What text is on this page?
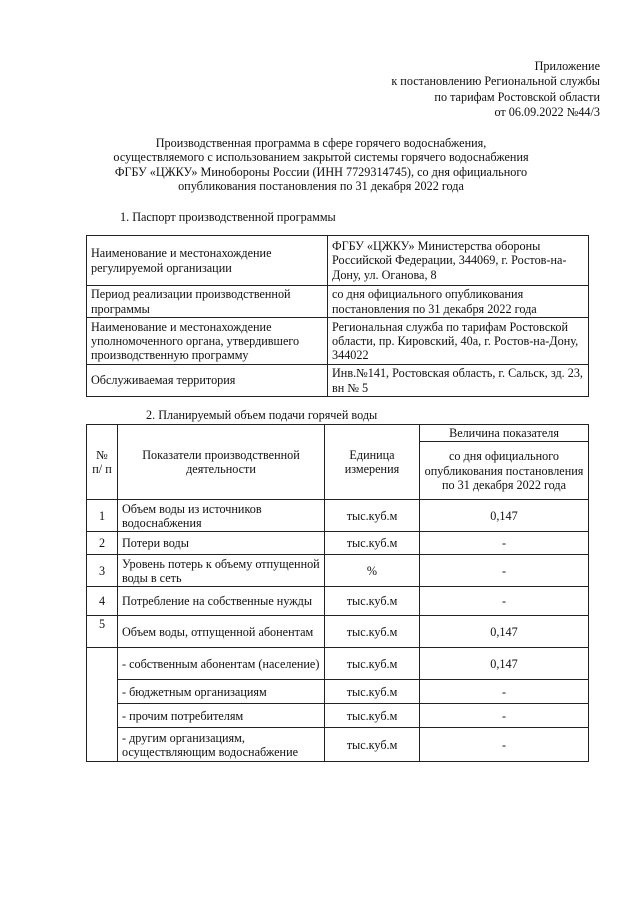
Приложение
к постановлению Региональной службы
по тарифам Ростовской области
от 06.09.2022 №44/3
Производственная программа в сфере горячего водоснабжения,
осуществляемого с использованием закрытой системы горячего водоснабжения
ФГБУ «ЦЖКУ» Минобороны России (ИНН 7729314745), со дня официального
опубликования постановления по 31 декабря 2022 года
1. Паспорт производственной программы
Наименование и местонахождение регулируемой организации	ФГБУ «ЦЖКУ» Министерства обороны Российской Федерации, 344069, г. Ростов-на-Дону, ул. Оганова, 8
Период реализации производственной программы	со дня официального опубликования постановления по 31 декабря 2022 года
Наименование и местонахождение уполномоченного органа, утвердившего производственную программу	Региональная служба по тарифам Ростовской области, пр. Кировский, 40а, г. Ростов-на-Дону, 344022
Обслуживаемая территория	Инв.№141, Ростовская область, г. Сальск, зд. 23, вн № 5
2. Планируемый объем подачи горячей воды
№ п/ п	Показатели производственной деятельности	Единица измерения	Величина показателя
			со дня официального опубликования постановления по 31 декабря 2022 года
1	Объем воды из источников водоснабжения	тыс.куб.м	0,147
2	Потери воды	тыс.куб.м	-
3	Уровень потерь к объему отпущенной воды в сеть	%	-
4	Потребление на собственные нужды	тыс.куб.м	-
5	Объем воды, отпущенной абонентам	тыс.куб.м	0,147
	- собственным абонентам (население)	тыс.куб.м	0,147
	- бюджетным организациям	тыс.куб.м	-
	- прочим потребителям	тыс.куб.м	-
	- другим организациям, осуществляющим водоснабжение	тыс.куб.м	-
